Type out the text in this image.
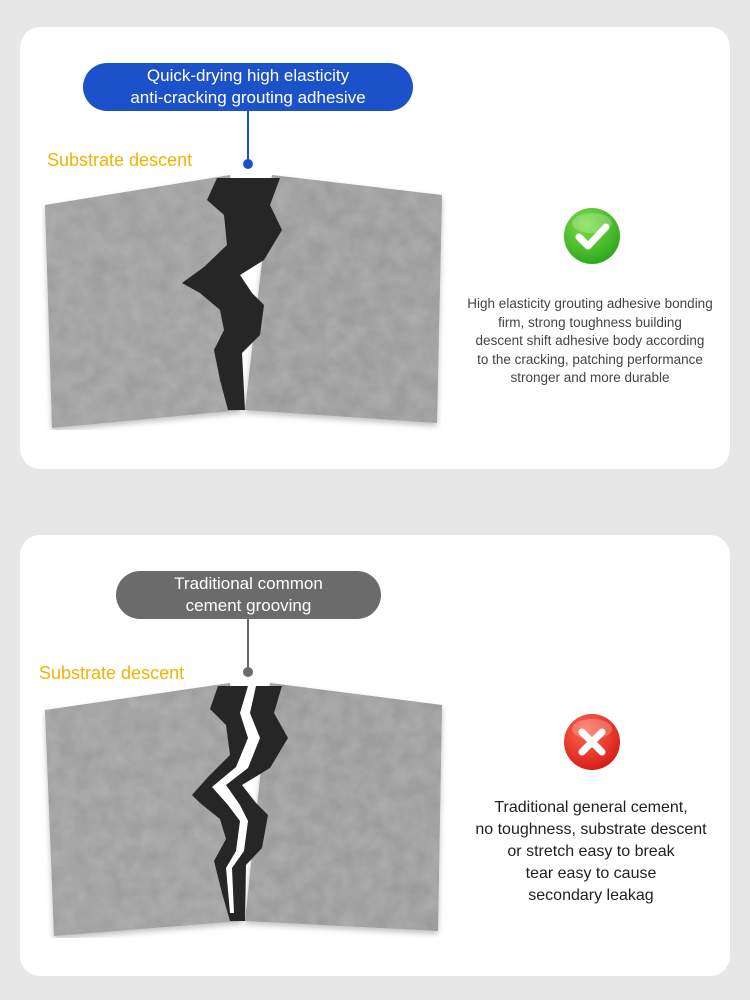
Quick-drying high elasticity
anti-cracking grouting adhesive
Substrate descent
High elasticity grouting adhesive bonding
firm, strong toughness building
descent shift adhesive body according
to the cracking, patching performance
stronger and more durable
Traditional common
cement grooving
Substrate descent
Traditional general cement,
no toughness, substrate descent
or stretch easy to break
tear easy to cause
secondary leakag
